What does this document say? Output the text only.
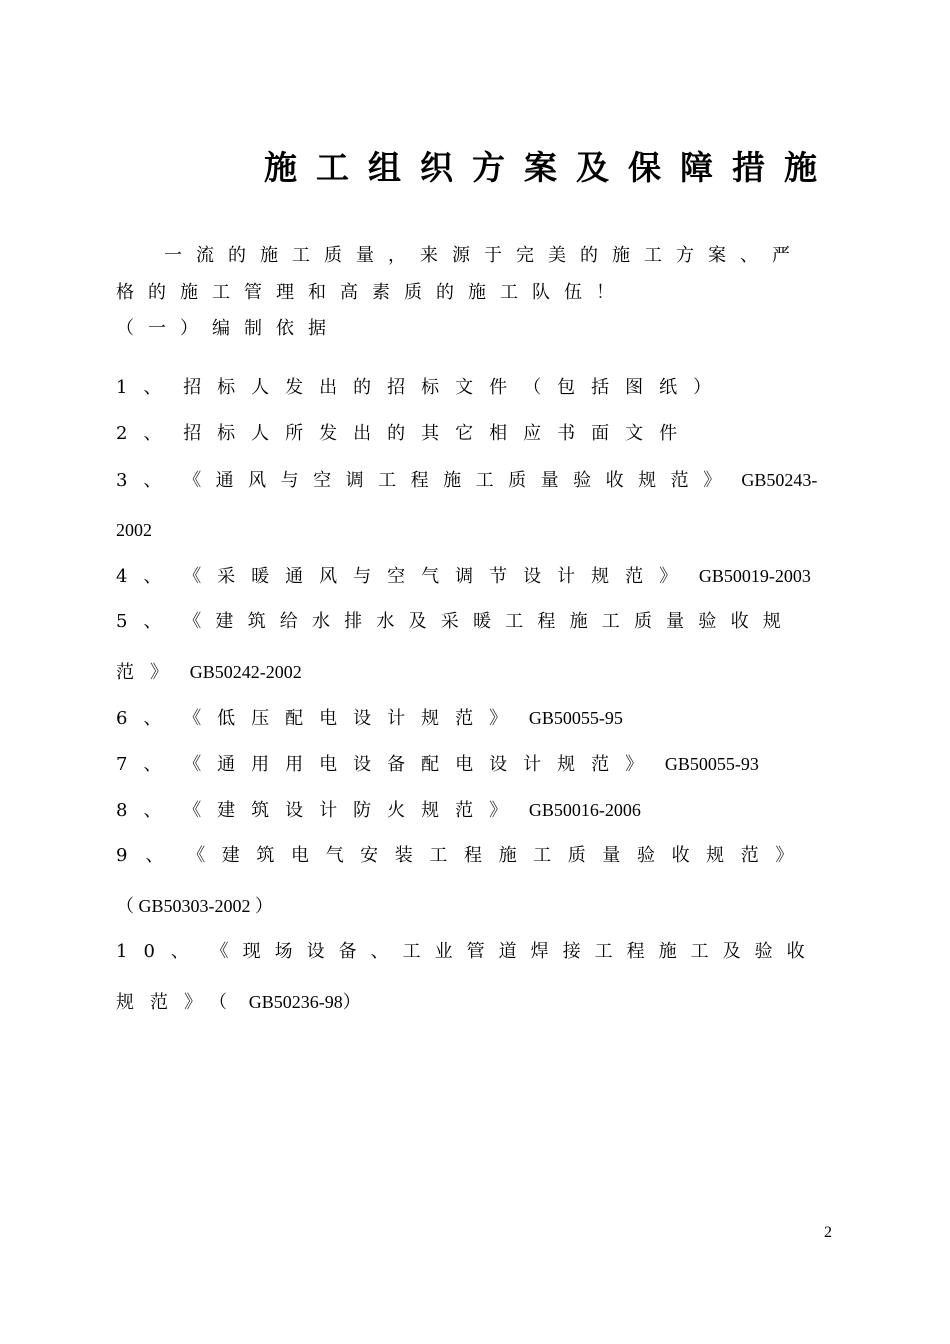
施工组织方案及保障措施
一流的施工质量，来源于完美的施工方案、严
格的施工管理和高素质的施工队伍！
（一）编制依据
1、 招标人发出的招标文件（包括图纸）
2、 招标人所发出的其它相应书面文件
3、 《通风与空调工程施工质量验收规范》 GB50243-
2002
4、 《采暖通风与空气调节设计规范》 GB50019-2003
5、 《建筑给水排水及采暖工程施工质量验收规
范》 GB50242-2002
6、 《低压配电设计规范》 GB50055-95
7、 《通用用电设备配电设计规范》 GB50055-93
8、 《建筑设计防火规范》 GB50016-2006
9、 《建筑电气安装工程施工质量验收规范》
（ GB50303-2002 ）
10、 《现场设备、工业管道焊接工程施工及验收
规范》（ GB50236-98）
2
